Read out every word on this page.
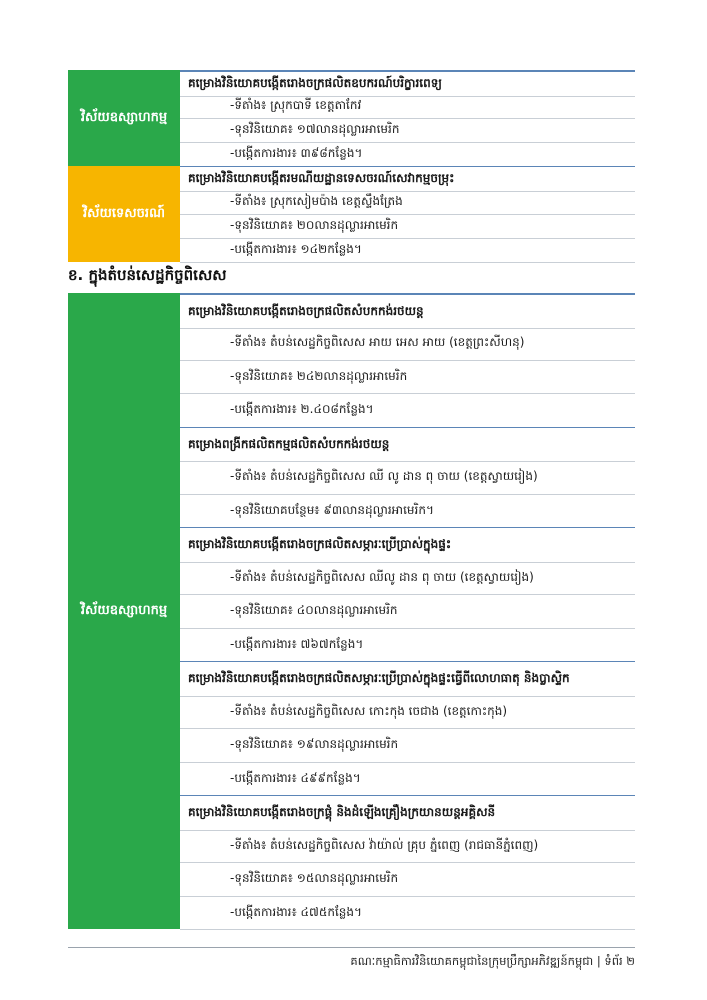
វិស័យឧស្សាហកម្ម
គម្រោងវិនិយោគបង្កើតរោងចក្រផលិតឧបករណ៍បរិក្ខារពេទ្យ
-ទីតាំង៖ ស្រុកបាទី ខេត្តតាកែវ
-ទុនវិនិយោគ៖ ១៧លានដុល្លារអាមេរិក
-បង្កើតការងារ៖ ៣៩៨កន្លែង។
វិស័យទេសចរណ៍
គម្រោងវិនិយោគបង្កើតរមណីយដ្ឋានទេសចរណ៍សេវាកម្មចម្រុះ
-ទីតាំង៖ ស្រុកសៀមប៉ាង ខេត្តស្ទឹងត្រែង
-ទុនវិនិយោគ៖ ២០លានដុល្លារអាមេរិក
-បង្កើតការងារ៖ ១៤២កន្លែង។
ខ. ក្នុងតំបន់សេដ្ឋកិច្ចពិសេស
វិស័យឧស្សាហកម្ម
គម្រោងវិនិយោគបង្កើតរោងចក្រផលិតសំបកកង់រថយន្ត
-ទីតាំង៖ តំបន់សេដ្ឋកិច្ចពិសេស អាយ អេស អាយ (ខេត្តព្រះសីហនុ)
-ទុនវិនិយោគ៖ ២៤២លានដុល្លារអាមេរិក
-បង្កើតការងារ៖ ២.៤០៨កន្លែង។
គម្រោងពង្រីកផលិតកម្មផលិតសំបកកង់រថយន្ត
-ទីតាំង៖ តំបន់សេដ្ឋកិច្ចពិសេស ឈី លូ ដាន ពុ ចាយ (ខេត្តស្វាយរៀង)
-ទុនវិនិយោគបន្ថែម៖ ៩៣លានដុល្លារអាមេរិក។
គម្រោងវិនិយោគបង្កើតរោងចក្រផលិតសម្ភារៈប្រើប្រាស់ក្នុងផ្ទះ
-ទីតាំង៖ តំបន់សេដ្ឋកិច្ចពិសេស ឈីលូ ដាន ពុ ចាយ (ខេត្តស្វាយរៀង)
-ទុនវិនិយោគ៖ ៤០លានដុល្លារអាមេរិក
-បង្កើតការងារ៖ ៧៦៧កន្លែង។
គម្រោងវិនិយោគបង្កើតរោងចក្រផលិតសម្ភារៈប្រើប្រាស់ក្នុងផ្ទះធ្វើពីលោហធាតុ និងប្លាស្ទិក
-ទីតាំង៖ តំបន់សេដ្ឋកិច្ចពិសេស កោះកុង ចេជាង (ខេត្តកោះកុង)
-ទុនវិនិយោគ៖ ១៩លានដុល្លារអាមេរិក
-បង្កើតការងារ៖ ៤៩៩កន្លែង។
គម្រោងវិនិយោគបង្កើតរោងចក្រផ្គុំ និងដំឡើងគ្រឿងក្រយានយន្តអគ្គិសនី
-ទីតាំង៖ តំបន់សេដ្ឋកិច្ចពិសេស វ៉ាយ៉ាល់ គ្រុប ភ្នំពេញ (រាជធានីភ្នំពេញ)
-ទុនវិនិយោគ៖ ១៥លានដុល្លារអាមេរិក
-បង្កើតការងារ៖ ៤៧៥កន្លែង។
គណៈកម្មាធិការវិនិយោគកម្ពុជានៃក្រុមប្រឹក្សាអភិវឌ្ឍន៍កម្ពុជា | ទំព័រ ២
